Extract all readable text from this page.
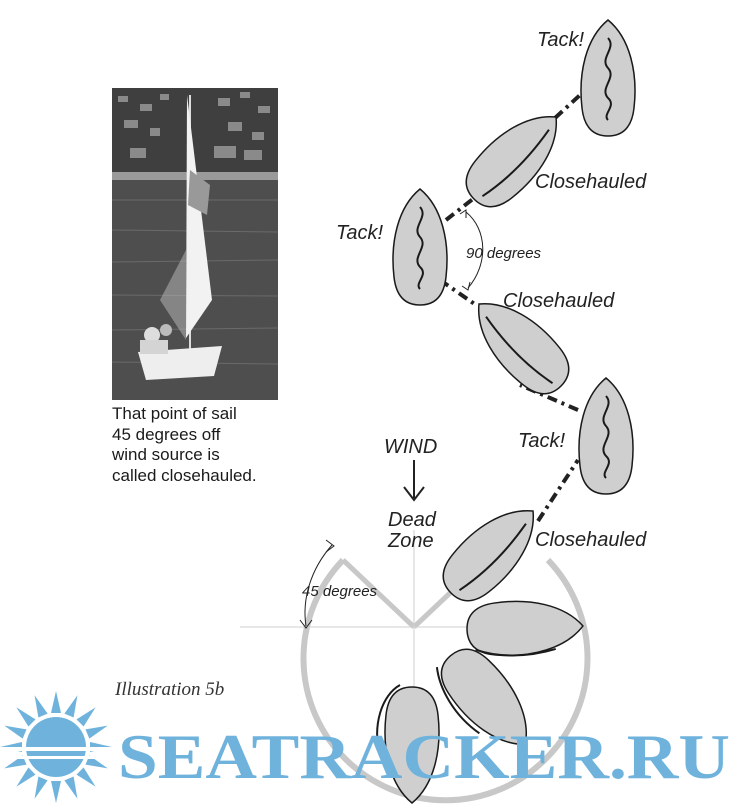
Tack!
Closehauled
Tack!
90 degrees
Closehauled
Tack!
WIND
Dead
Zone	Closehauled
45 degrees
SEATRACKER.RU
That point of sail
45 degrees off
wind source is
called closehauled.
Illustration 5b
